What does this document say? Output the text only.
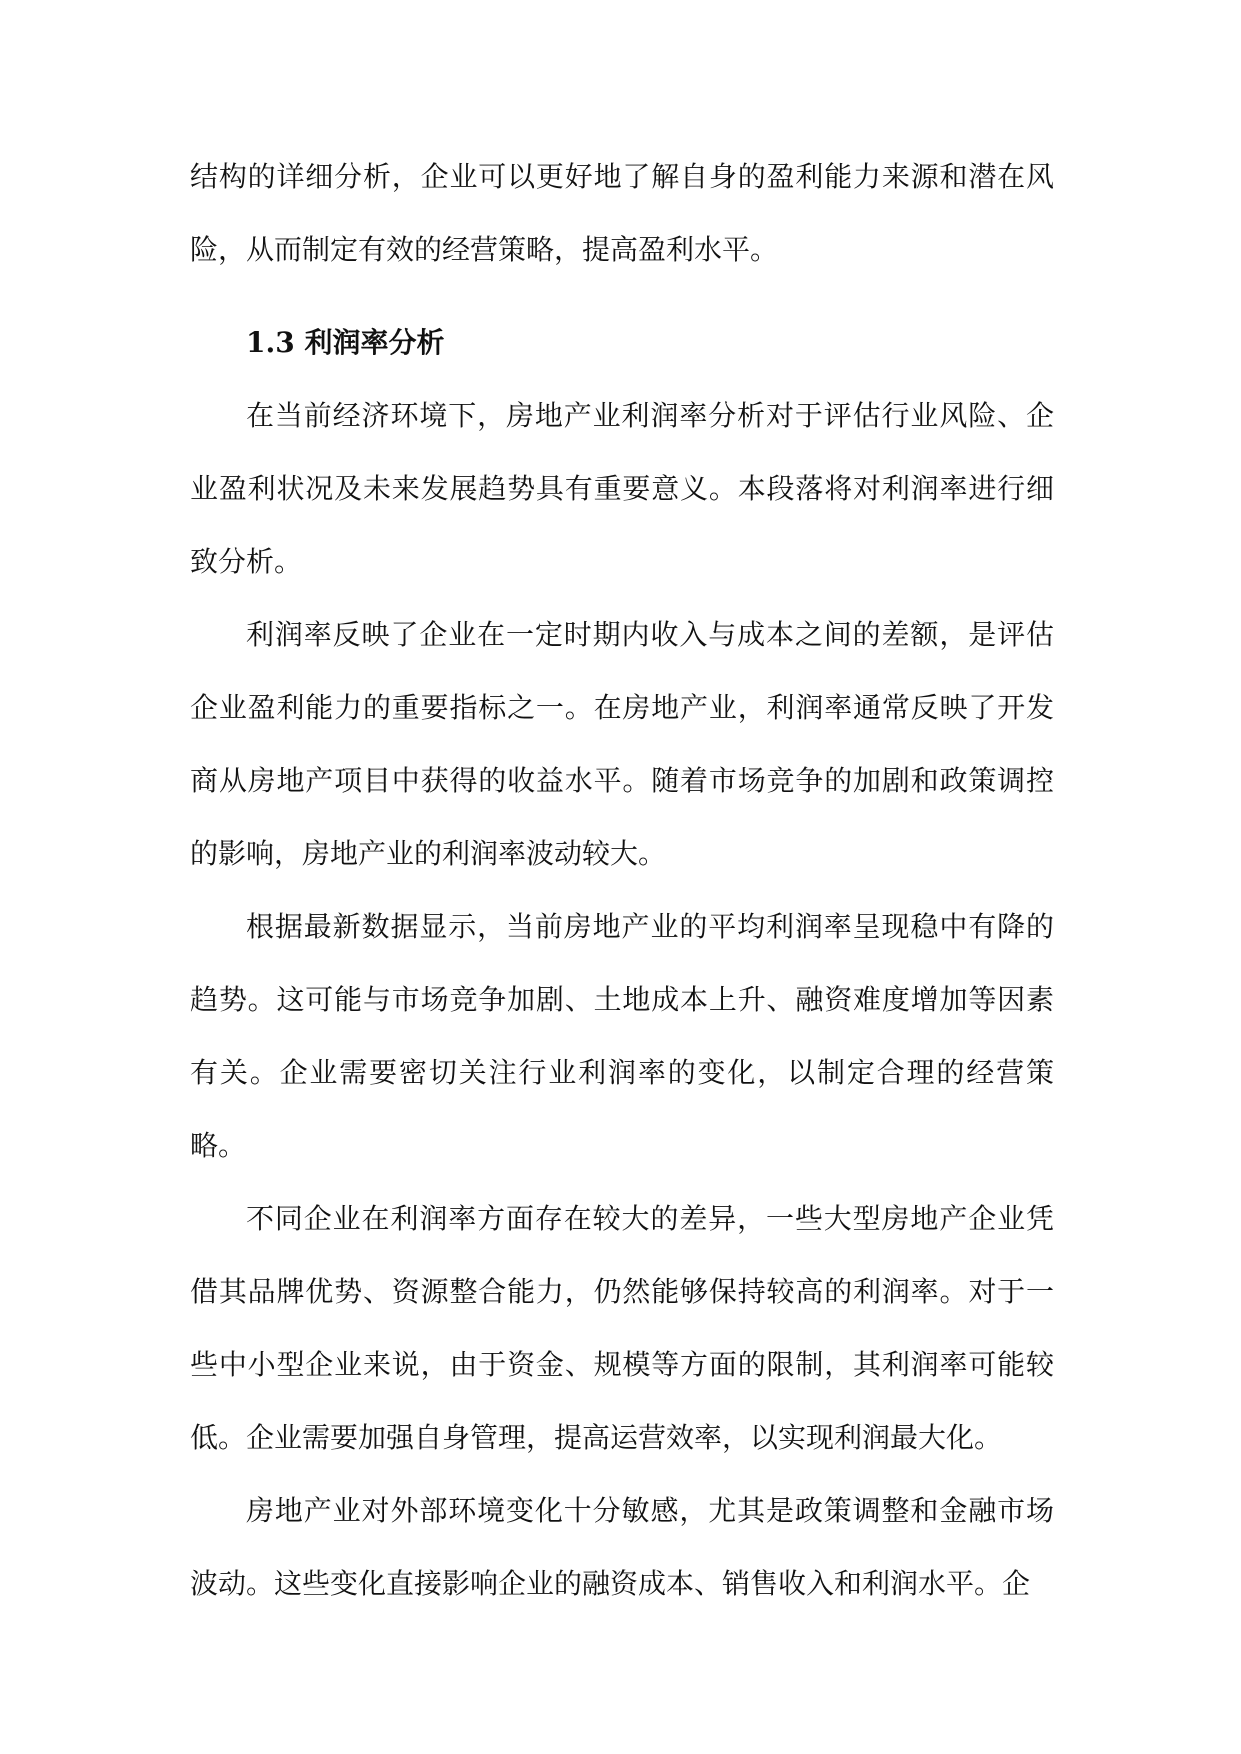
结构的详细分析，企业可以更好地了解自身的盈利能力来源和潜在风险，从而制定有效的经营策略，提高盈利水平。

1.3 利润率分析

在当前经济环境下，房地产业利润率分析对于评估行业风险、企业盈利状况及未来发展趋势具有重要意义。本段落将对利润率进行细致分析。

利润率反映了企业在一定时期内收入与成本之间的差额，是评估企业盈利能力的重要指标之一。在房地产业，利润率通常反映了开发商从房地产项目中获得的收益水平。随着市场竞争的加剧和政策调控的影响，房地产业的利润率波动较大。

根据最新数据显示，当前房地产业的平均利润率呈现稳中有降的趋势。这可能与市场竞争加剧、土地成本上升、融资难度增加等因素有关。企业需要密切关注行业利润率的变化，以制定合理的经营策略。

不同企业在利润率方面存在较大的差异，一些大型房地产企业凭借其品牌优势、资源整合能力，仍然能够保持较高的利润率。对于一些中小型企业来说，由于资金、规模等方面的限制，其利润率可能较低。企业需要加强自身管理，提高运营效率，以实现利润最大化。

房地产业对外部环境变化十分敏感，尤其是政策调整和金融市场波动。这些变化直接影响企业的融资成本、销售收入和利润水平。企
